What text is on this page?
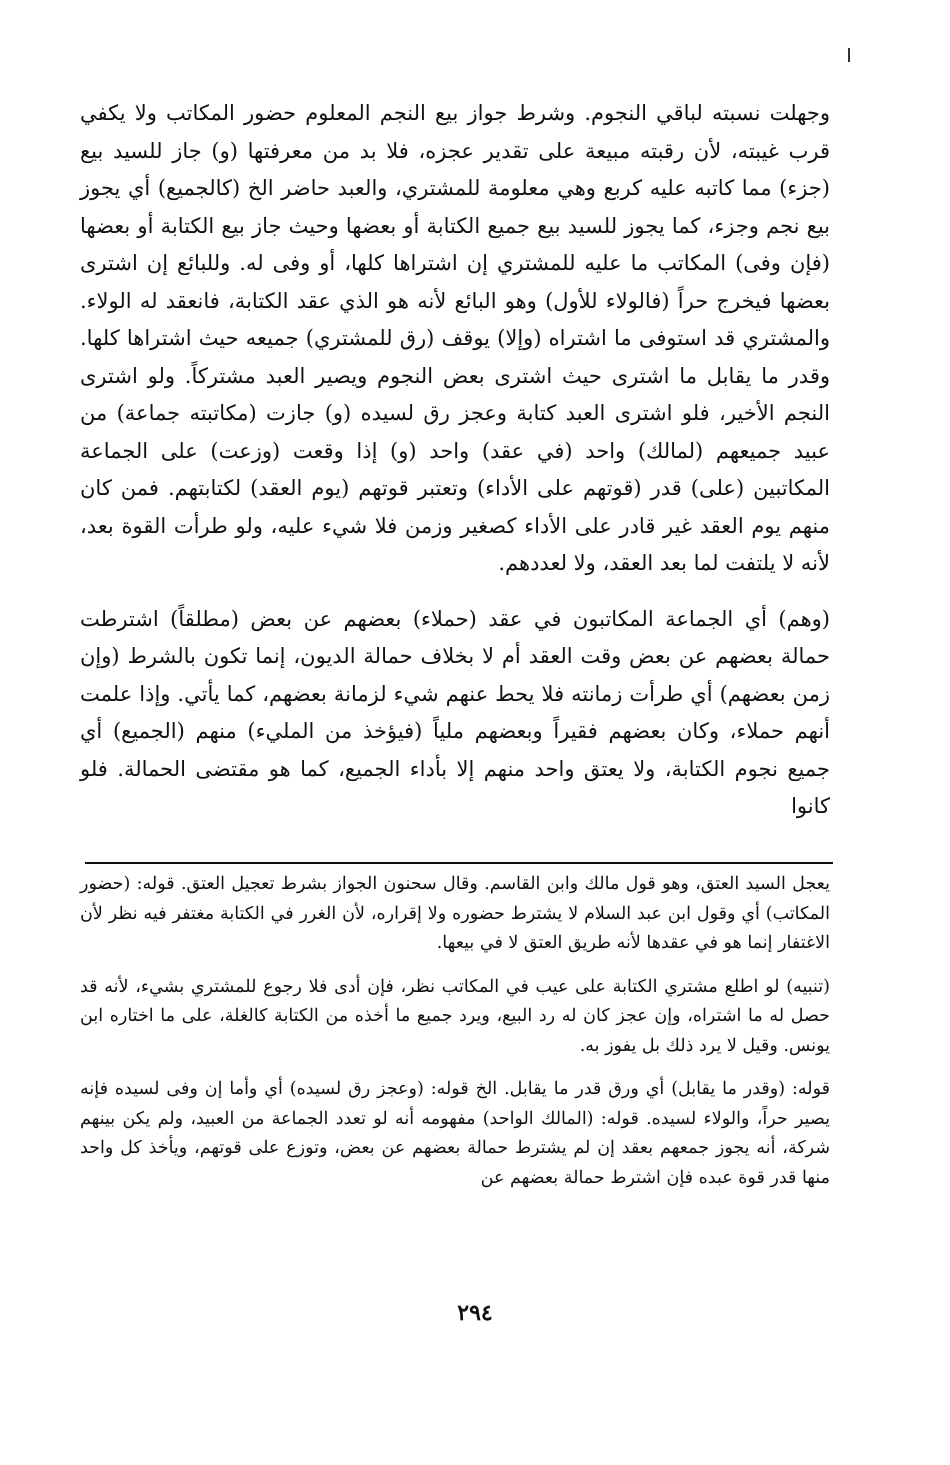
وجهلت نسبته لباقي النجوم. وشرط جواز بيع النجم المعلوم حضور المكاتب ولا يكفي قرب غيبته، لأن رقبته مبيعة على تقدير عجزه، فلا بد من معرفتها (و) جاز للسيد بيع (جزء) مما كاتبه عليه كربع وهي معلومة للمشتري، والعبد حاضر الخ (كالجميع) أي يجوز بيع نجم وجزء، كما يجوز للسيد بيع جميع الكتابة أو بعضها وحيث جاز بيع الكتابة أو بعضها (فإن وفى) المكاتب ما عليه للمشتري إن اشتراها كلها، أو وفى له. وللبائع إن اشترى بعضها فيخرج حراً (فالولاء للأول) وهو البائع لأنه هو الذي عقد الكتابة، فانعقد له الولاء. والمشتري قد استوفى ما اشتراه (وإلا) يوقف (رق للمشتري) جميعه حيث اشتراها كلها. وقدر ما يقابل ما اشترى حيث اشترى بعض النجوم ويصير العبد مشتركاً. ولو اشترى النجم الأخير، فلو اشترى العبد كتابة وعجز رق لسيده (و) جازت (مكاتبته جماعة) من عبيد جميعهم (لمالك) واحد (في عقد) واحد (و) إذا وقعت (وزعت) على الجماعة المكاتبين (على) قدر (قوتهم على الأداء) وتعتبر قوتهم (يوم العقد) لكتابتهم. فمن كان منهم يوم العقد غير قادر على الأداء كصغير وزمن فلا شيء عليه، ولو طرأت القوة بعد، لأنه لا يلتفت لما بعد العقد، ولا لعددهم.

(وهم) أي الجماعة المكاتبون في عقد (حملاء) بعضهم عن بعض (مطلقاً) اشترطت حمالة بعضهم عن بعض وقت العقد أم لا بخلاف حمالة الديون، إنما تكون بالشرط (وإن زمن بعضهم) أي طرأت زمانته فلا يحط عنهم شيء لزمانة بعضهم، كما يأتي. وإذا علمت أنهم حملاء، وكان بعضهم فقيراً وبعضهم ملياً (فيؤخذ من المليء) منهم (الجميع) أي جميع نجوم الكتابة، ولا يعتق واحد منهم إلا بأداء الجميع، كما هو مقتضى الحمالة. فلو كانوا

يعجل السيد العتق، وهو قول مالك وابن القاسم. وقال سحنون الجواز بشرط تعجيل العتق. قوله: (حضور المكاتب) أي وقول ابن عبد السلام لا يشترط حضوره ولا إقراره، لأن الغرر في الكتابة مغتفر فيه نظر لأن الاغتفار إنما هو في عقدها لأنه طريق العتق لا في بيعها.

(تنبيه) لو اطلع مشتري الكتابة على عيب في المكاتب نظر، فإن أدى فلا رجوع للمشتري بشيء، لأنه قد حصل له ما اشتراه، وإن عجز كان له رد البيع، ويرد جميع ما أخذه من الكتابة كالغلة، على ما اختاره ابن يونس. وقيل لا يرد ذلك بل يفوز به.

قوله: (وقدر ما يقابل) أي ورق قدر ما يقابل. الخ قوله: (وعجز رق لسيده) أي وأما إن وفى لسيده فإنه يصير حراً، والولاء لسيده. قوله: (المالك الواحد) مفهومه أنه لو تعدد الجماعة من العبيد، ولم يكن بينهم شركة، أنه يجوز جمعهم بعقد إن لم يشترط حمالة بعضهم عن بعض، وتوزع على قوتهم، ويأخذ كل واحد منها قدر قوة عبده فإن اشترط حمالة بعضهم عن

٢٩٤
